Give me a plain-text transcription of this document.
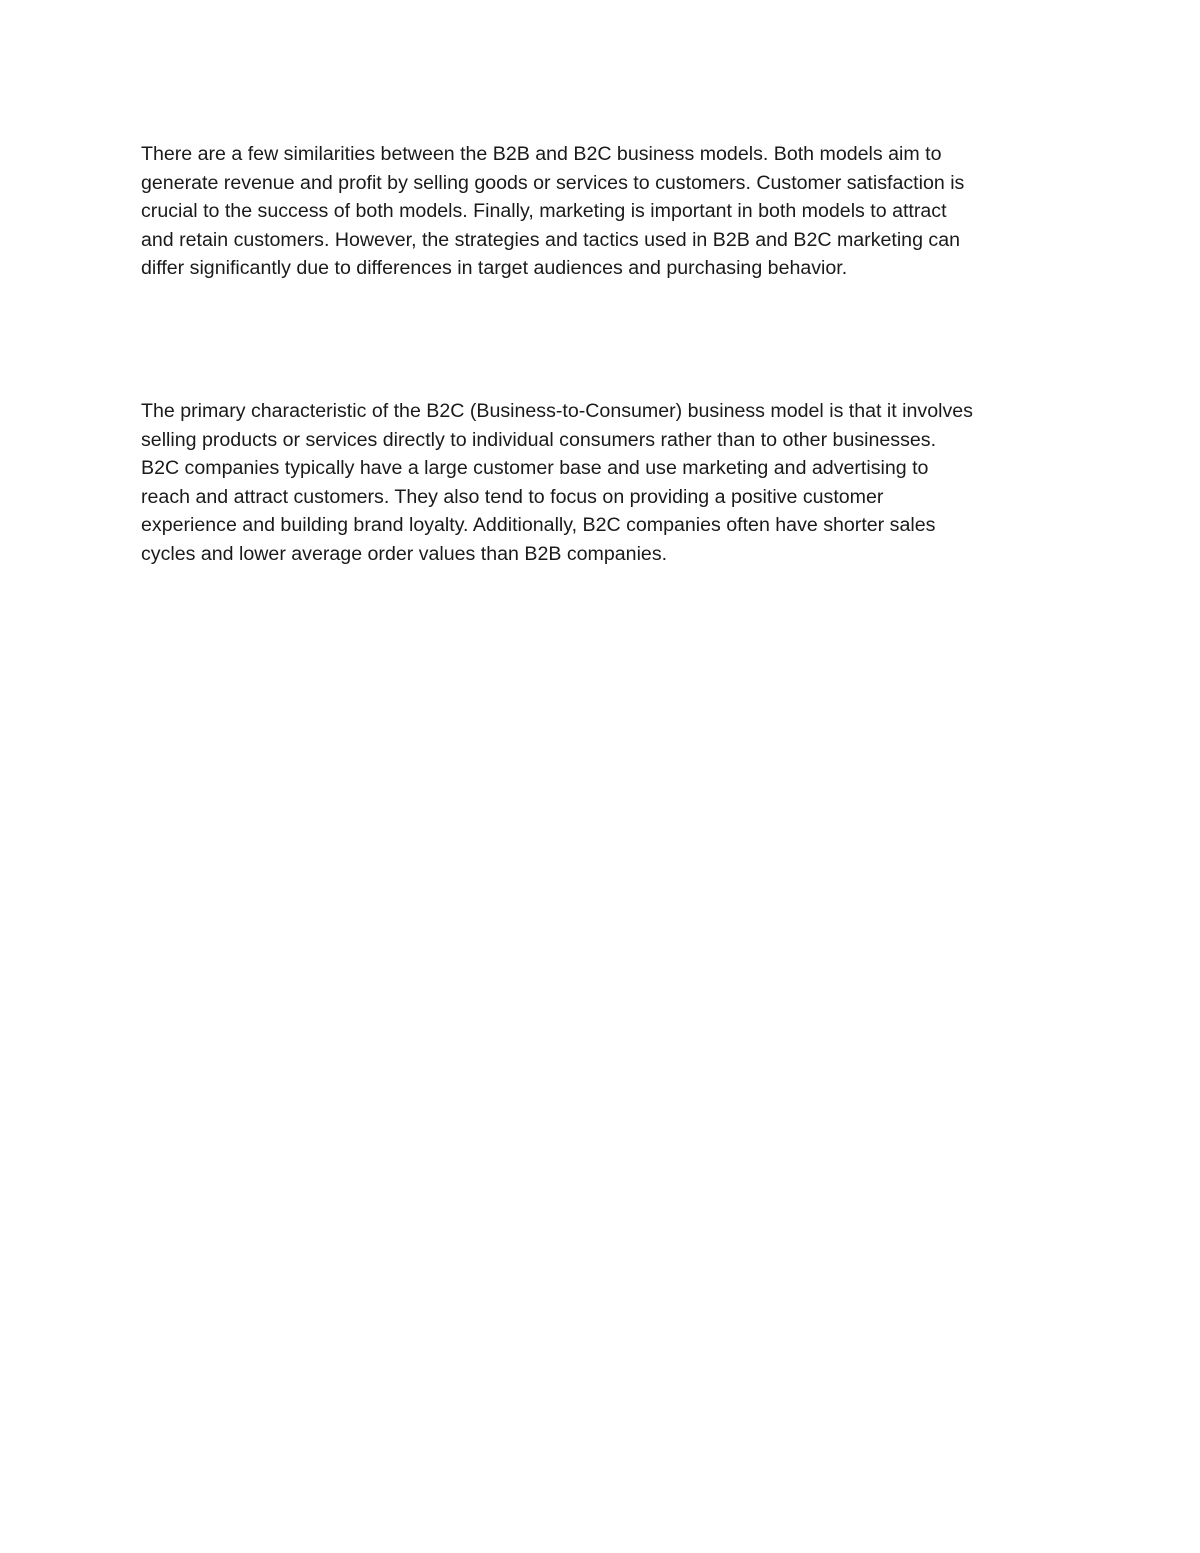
There are a few similarities between the B2B and B2C business models. Both models aim to
generate revenue and profit by selling goods or services to customers. Customer satisfaction is
crucial to the success of both models. Finally, marketing is important in both models to attract
and retain customers. However, the strategies and tactics used in B2B and B2C marketing can
differ significantly due to differences in target audiences and purchasing behavior.

The primary characteristic of the B2C (Business-to-Consumer) business model is that it involves
selling products or services directly to individual consumers rather than to other businesses.
B2C companies typically have a large customer base and use marketing and advertising to
reach and attract customers. They also tend to focus on providing a positive customer
experience and building brand loyalty. Additionally, B2C companies often have shorter sales
cycles and lower average order values than B2B companies.
